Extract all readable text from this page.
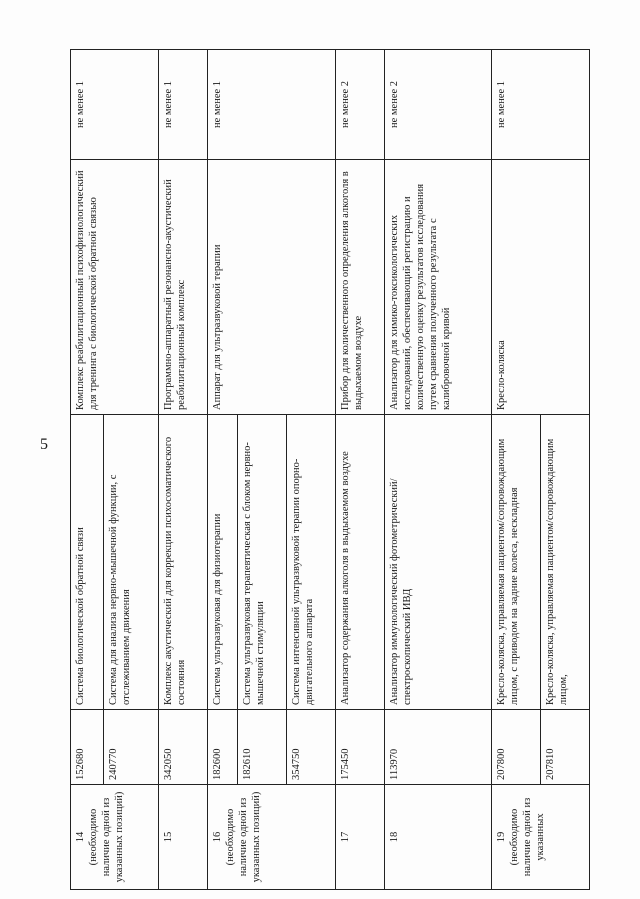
5
14 (необходимо наличие одной из указанных позиций)	152680	Система биологической обратной связи	Комплекс реабилитационный психофизиологический для тренинга с биологической обратной связью	не менее 1
	240770	Система для анализа нервно-мышечной функции, с отслеживанием движения		

15	342050	Комплекс акустический для коррекции психосоматического состояния	Программно-аппаратный резонансно-акустический реабилитационный комплекс	не менее 1

16 (необходимо наличие одной из указанных позиций)	182600	Система ультразвуковая для физиотерапии	Аппарат для ультразвуковой терапии	не менее 1
	182610	Система ультразвуковая терапевтическая с блоком нервно-мышечной стимуляции		
	354750	Система интенсивной ультразвуковой терапии опорно-двигательного аппарата		

17	175450	Анализатор содержания алкоголя в выдыхаемом воздухе	Прибор для количественного определения алкоголя в выдыхаемом воздухе	не менее 2

18	113970	Анализатор иммунологический фотометрический/спектроскопический ИВД	Анализатор для химико-токсикологических исследований, обеспечивающий регистрацию и количественную оценку результатов исследования путем сравнения полученного результата с калибровочной кривой	не менее 2

19 (необходимо наличие одной из указанных	207800	Кресло-коляска, управляемая пациентом/сопровождающим лицом, с приводом на задние колеса, нескладная	Кресло-коляска	не менее 1
	207810	Кресло-коляска, управляемая пациентом/сопровождающим лицом,		
